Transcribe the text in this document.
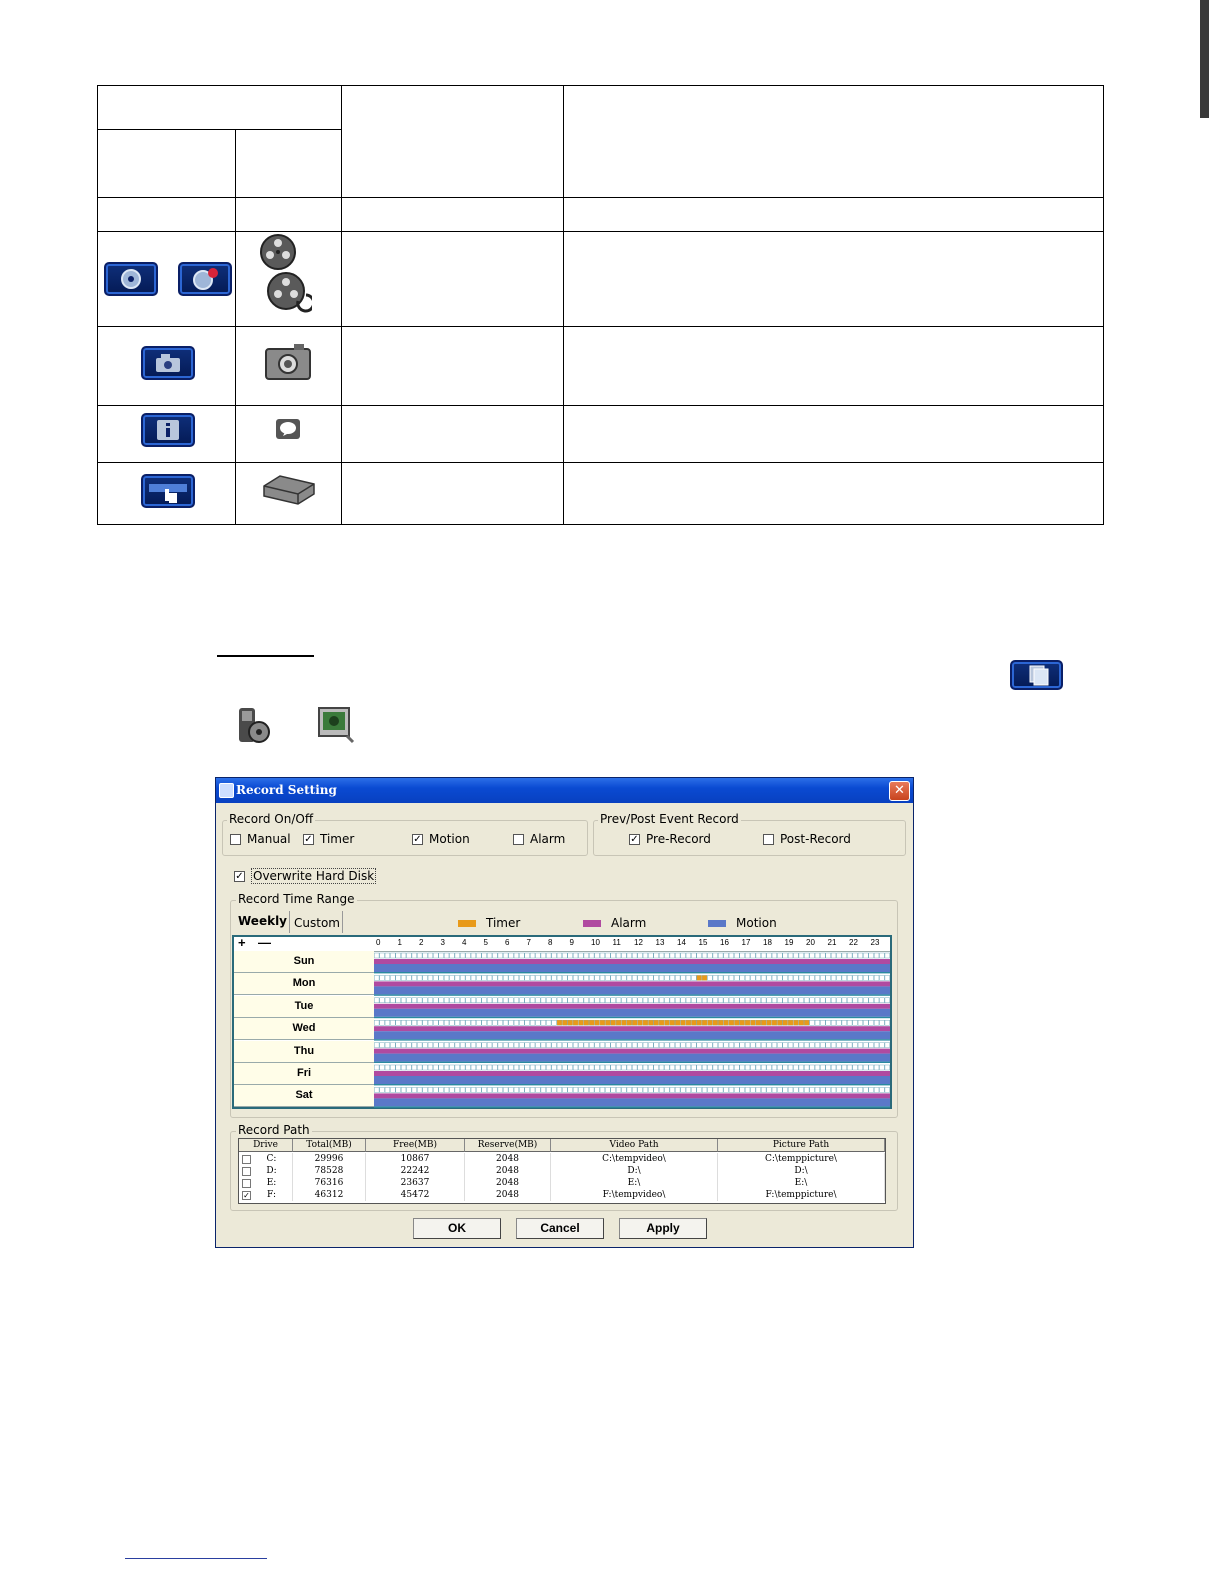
Record Setting	✕
Record On/Off
Manual ✓ Timer	✓ Motion	Alarm
Prev/Post Event Record
✓ Pre-Record	Post-Record
✓ Overwrite Hard Disk
Record Time Range
Weekly Custom	Timer	Alarm	Motion
Record Path
+ —	0 1 2 3 4 5 6 7 8 9 10 11 12 13 14 15 16 17 18 19 20 21 22 23
Sun
Mon
Tue
Wed
Thu
Fri
Sat
Drive	Total(MB)	Free(MB)	Reserve(MB)	Video Path	Picture Path
C:	29996	10867	2048	C:\tempvideo\	C:\temppicture\
D:	78528	22242	2048	D:\	D:\
E:	76316	23637	2048	E:\	E:\
✓ F:	46312	45472	2048	F:\tempvideo\	F:\temppicture\
OK	Cancel	Apply
